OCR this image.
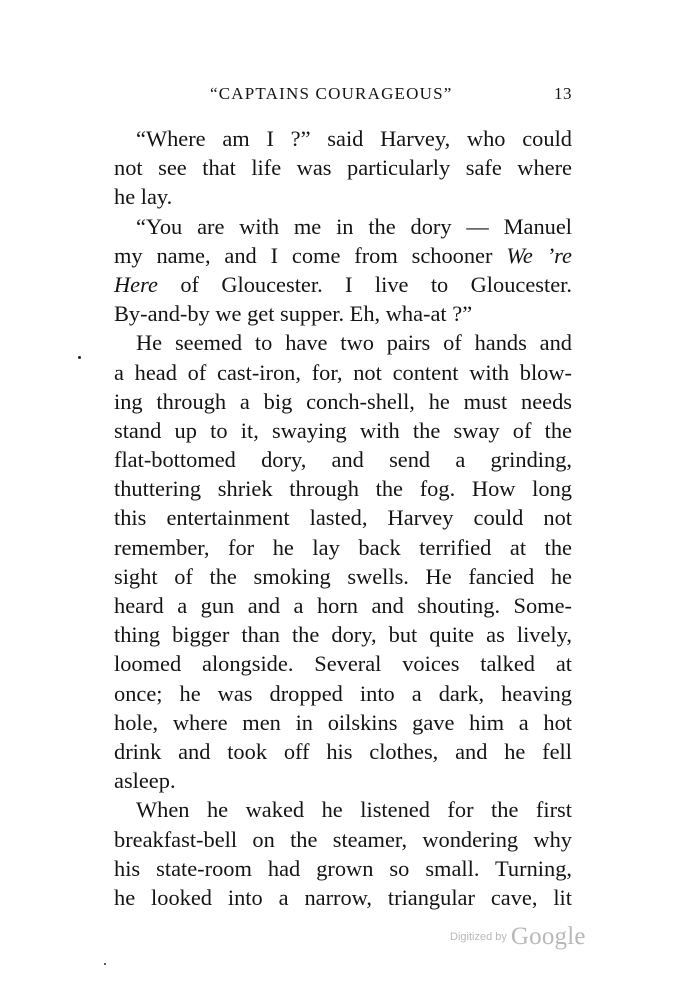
“CAPTAINS COURAGEOUS”	13
“Where am I ?” said Harvey, who could
not see that life was particularly safe where
he lay.
“You are with me in the dory — Manuel
my name, and I come from schooner We ’re
Here of Gloucester. I live to Gloucester.
By-and-by we get supper. Eh, wha-at ?”
He seemed to have two pairs of hands and
a head of cast-iron, for, not content with blow-
ing through a big conch-shell, he must needs
stand up to it, swaying with the sway of the
flat-bottomed dory, and send a grinding,
thuttering shriek through the fog. How long
this entertainment lasted, Harvey could not
remember, for he lay back terrified at the
sight of the smoking swells. He fancied he
heard a gun and a horn and shouting. Some-
thing bigger than the dory, but quite as lively,
loomed alongside. Several voices talked at
once; he was dropped into a dark, heaving
hole, where men in oilskins gave him a hot
drink and took off his clothes, and he fell
asleep.
When he waked he listened for the first
breakfast-bell on the steamer, wondering why
his state-room had grown so small. Turning,
he looked into a narrow, triangular cave, lit
Digitized by Google
